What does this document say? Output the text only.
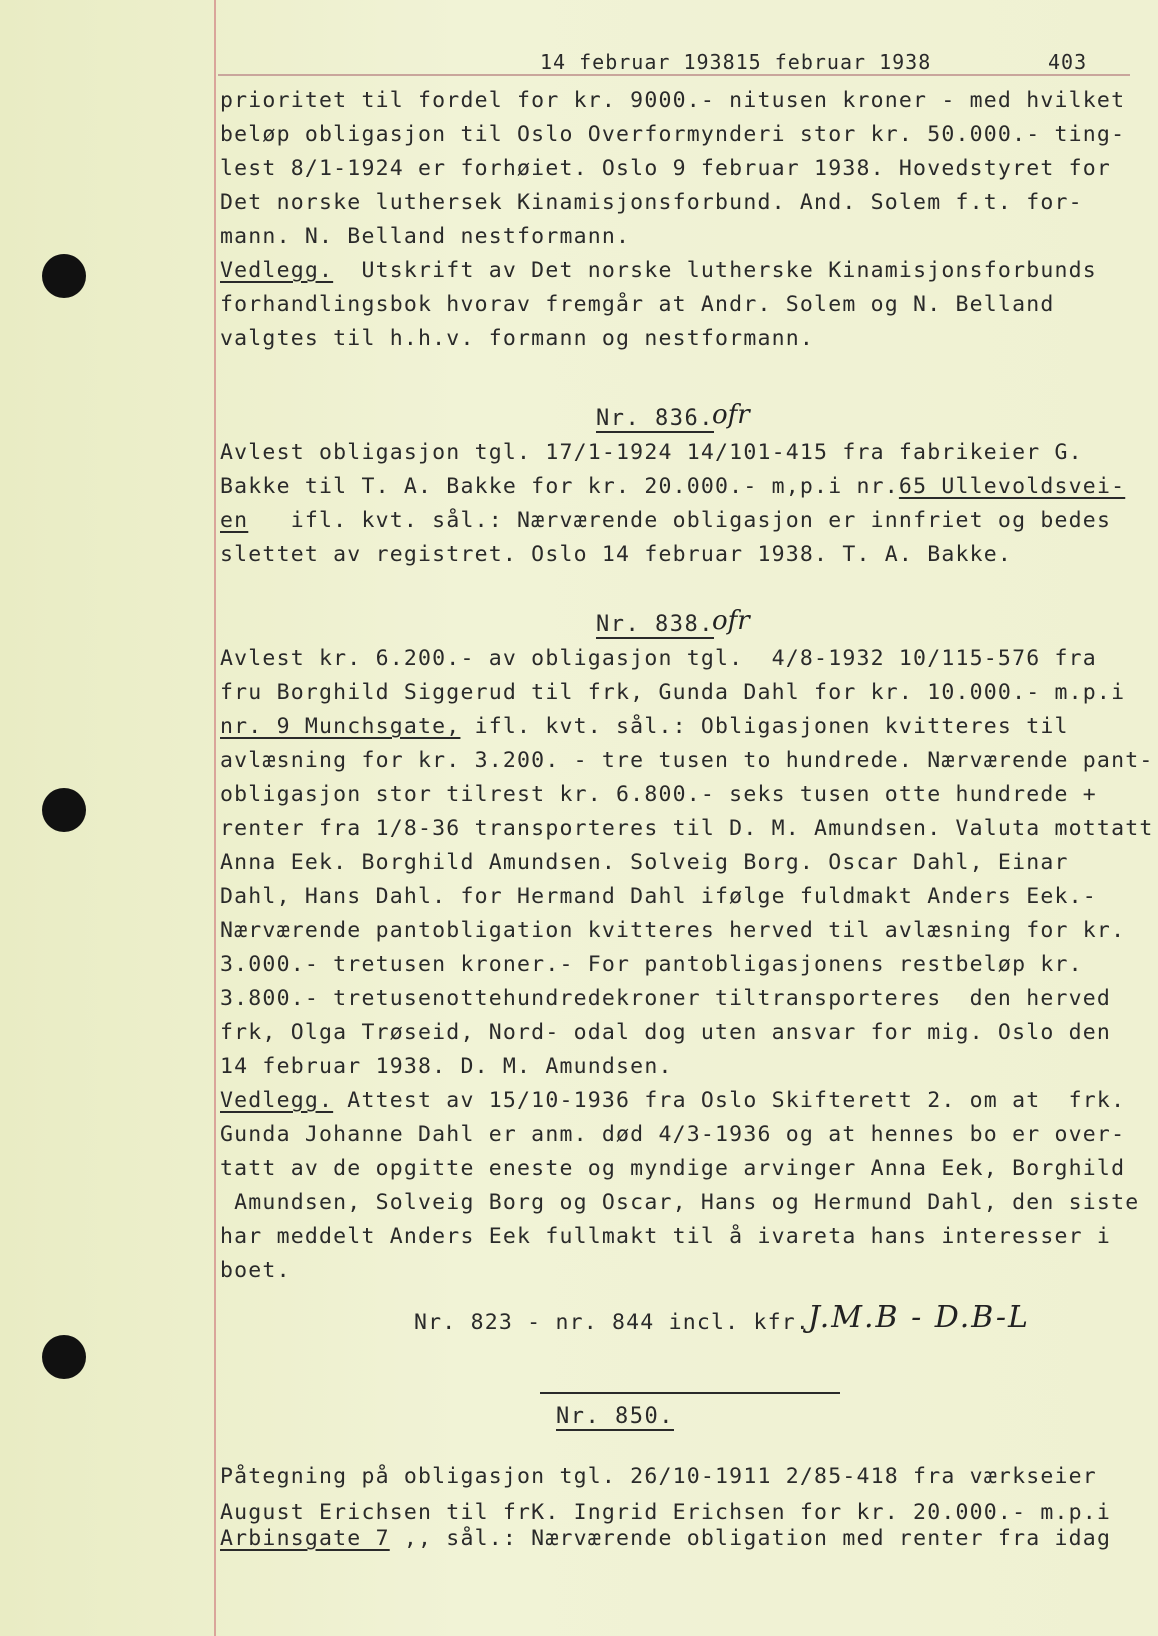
14 februar 193815 februar 1938	403
prioritet til fordel for kr. 9000.- nitusen kroner - med hvilket
beløp obligasjon til Oslo Overformynderi stor kr. 50.000.- ting-
lest 8/1-1924 er forhøiet. Oslo 9 februar 1938. Hovedstyret for
Det norske luthersek Kinamisjonsforbund. And. Solem f.t. for-
mann. N. Belland nestformann.
Vedlegg.  Utskrift av Det norske lutherske Kinamisjonsforbunds
forhandlingsbok hvorav fremgår at Andr. Solem og N. Belland
valgtes til h.h.v. formann og nestformann.
Nr. 836.
ofr
Avlest obligasjon tgl. 17/1-1924 14/101-415 fra fabrikeier G.
Bakke til T. A. Bakke for kr. 20.000.- m,p.i nr.65 Ullevoldsvei-
en   ifl. kvt. sål.: Nærværende obligasjon er innfriet og bedes
slettet av registret. Oslo 14 februar 1938. T. A. Bakke.
Nr. 838.
ofr
Avlest kr. 6.200.- av obligasjon tgl.  4/8-1932 10/115-576 fra
fru Borghild Siggerud til frk, Gunda Dahl for kr. 10.000.- m.p.i
nr. 9 Munchsgate, ifl. kvt. sål.: Obligasjonen kvitteres til
avlæsning for kr. 3.200. - tre tusen to hundrede. Nærværende pant-
obligasjon stor tilrest kr. 6.800.- seks tusen otte hundrede +
renter fra 1/8-36 transporteres til D. M. Amundsen. Valuta mottatt
Anna Eek. Borghild Amundsen. Solveig Borg. Oscar Dahl, Einar
Dahl, Hans Dahl. for Hermand Dahl ifølge fuldmakt Anders Eek.-
Nærværende pantobligation kvitteres herved til avlæsning for kr.
3.000.- tretusen kroner.- For pantobligasjonens restbeløp kr.
3.800.- tretusenottehundredekroner tiltransporteres  den herved
frk, Olga Trøseid, Nord- odal dog uten ansvar for mig. Oslo den
14 februar 1938. D. M. Amundsen.
Vedlegg. Attest av 15/10-1936 fra Oslo Skifterett 2. om at  frk.
Gunda Johanne Dahl er anm. død 4/3-1936 og at hennes bo er over-
tatt av de opgitte eneste og myndige arvinger Anna Eek, Borghild
Amundsen, Solveig Borg og Oscar, Hans og Hermund Dahl, den siste
har meddelt Anders Eek fullmakt til å ivareta hans interesser i
boet.
Nr. 823 - nr. 844 incl. kfr.
J.M.B - D.B-L
Nr. 850.
Påtegning på obligasjon tgl. 26/10-1911 2/85-418 fra værkseier
August Erichsen til frK. Ingrid Erichsen for kr. 20.000.- m.p.i
Arbinsgate 7 ,, sål.: Nærværende obligation med renter fra idag
